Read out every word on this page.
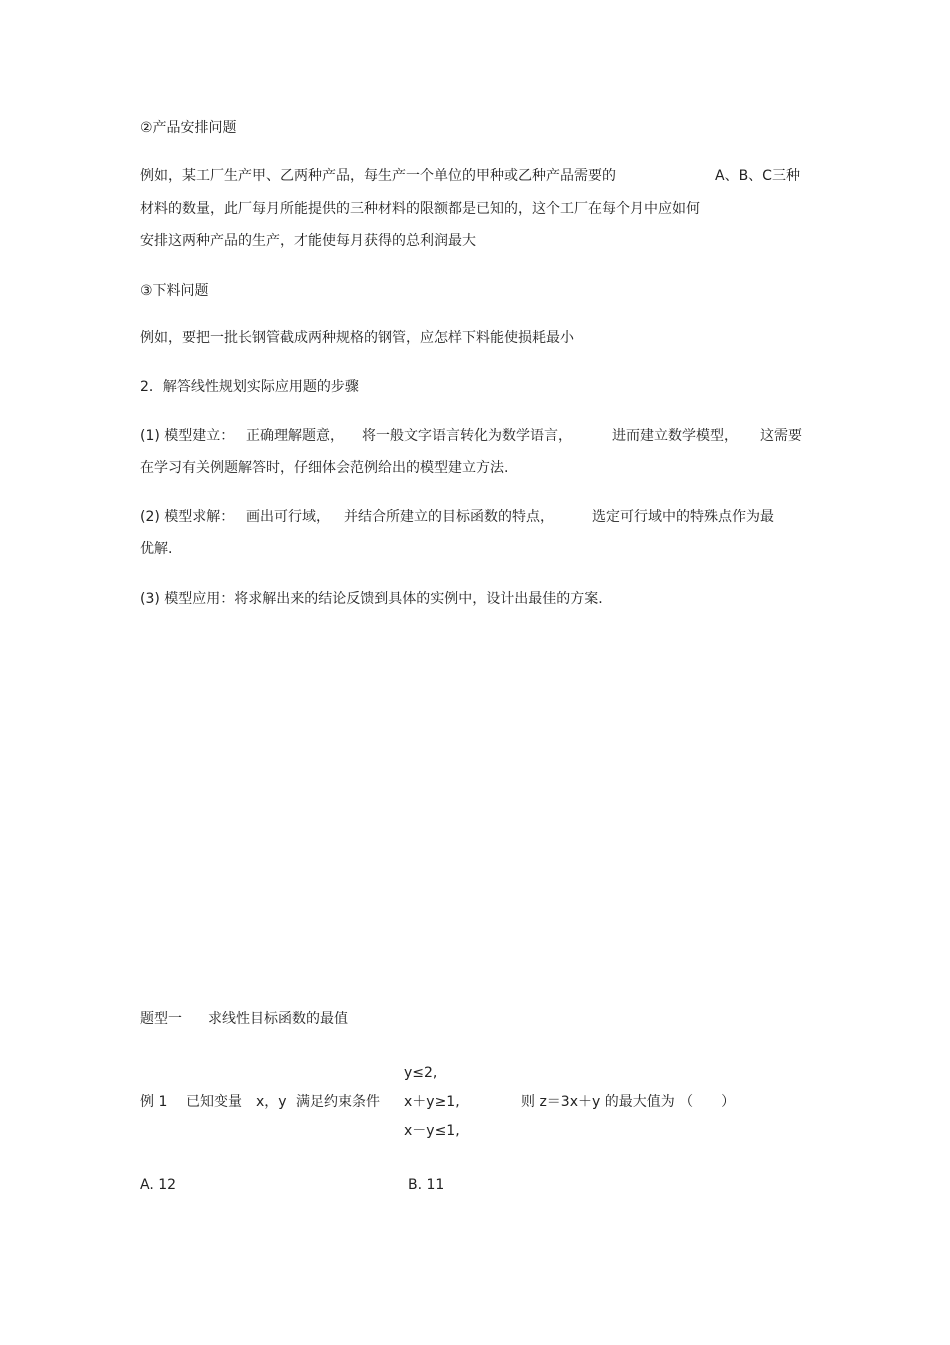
②产品安排问题
例如，某工厂生产甲、乙两种产品，每生产一个单位的甲种或乙种产品需要的	A、B、C三种
材料的数量，此厂每月所能提供的三种材料的限额都是已知的，这个工厂在每个月中应如何
安排这两种产品的生产，才能使每月获得的总利润最大
③下料问题
例如，要把一批长钢管截成两种规格的钢管，应怎样下料能使损耗最小
2．解答线性规划实际应用题的步骤
(1) 模型建立： 正确理解题意， 将一般文字语言转化为数学语言，	进而建立数学模型， 这需要
在学习有关例题解答时，仔细体会范例给出的模型建立方法.
(2) 模型求解： 画出可行域， 并结合所建立的目标函数的特点，	选定可行域中的特殊点作为最
优解.
(3) 模型应用：将求解出来的结论反馈到具体的实例中，设计出最佳的方案.
题型一 求线性目标函数的最值
例 1 已知变量 x，y 满足约束条件
y≤2,
x＋y≥1,
x－y≤1,
则 z＝3x＋y 的最大值为 （　　）
A. 12	B. 11
